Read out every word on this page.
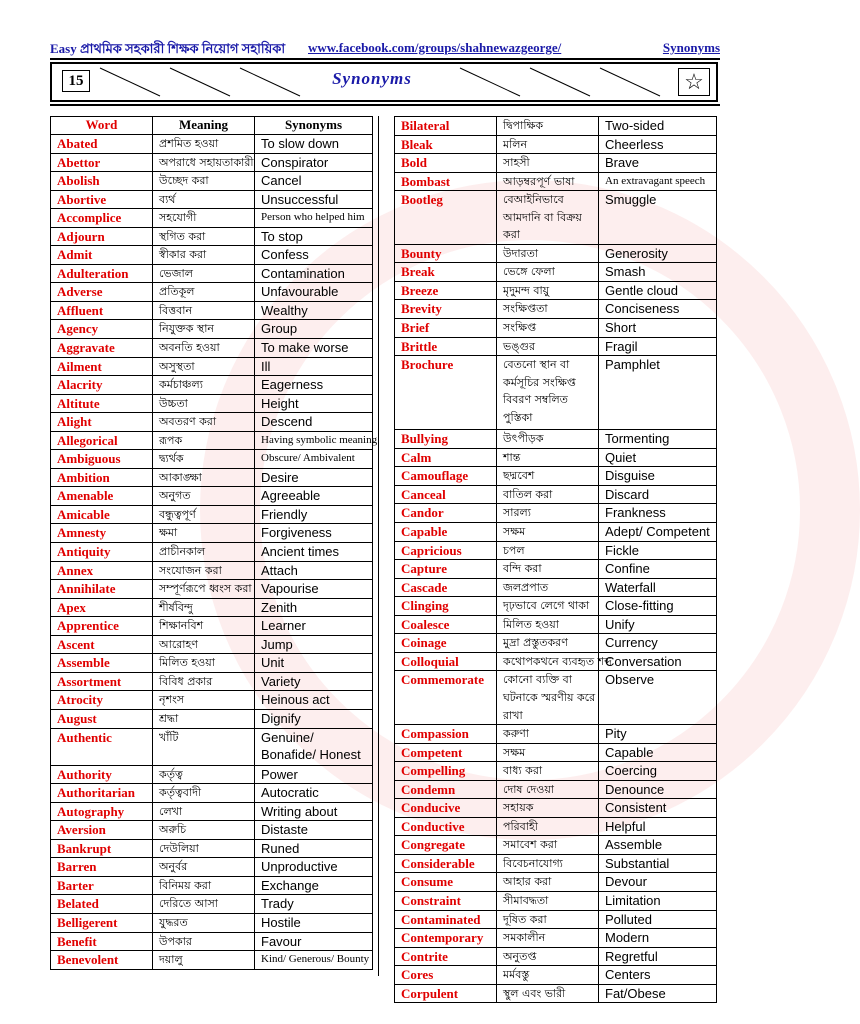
Easy প্রাথমিক সহকারী শিক্ষক নিয়োগ সহায়িকা www.facebook.com/groups/shahnewazgeorge/	Synonyms
15	Synonyms	☆
Word	Meaning	Synonyms
Abated	প্রশমিত হওয়া	To slow down
Abettor	অপরাধে সহায়তাকারী	Conspirator
Abolish	উচ্ছেদ করা	Cancel
Abortive	ব্যর্থ	Unsuccessful
Accomplice	সহযোগী	Person who helped him
Adjourn	স্থগিত করা	To stop
Admit	স্বীকার করা	Confess
Adulteration	ভেজাল	Contamination
Adverse	প্রতিকূল	Unfavourable
Affluent	বিত্তবান	Wealthy
Agency	নিযুক্তক স্থান	Group
Aggravate	অবনতি হওয়া	To make worse
Ailment	অসুস্থতা	Ill
Alacrity	কর্মচাঞ্চল্য	Eagerness
Altitute	উচ্চতা	Height
Alight	অবতরণ করা	Descend
Allegorical	রূপক	Having symbolic meaning
Ambiguous	দ্ব্যর্থক	Obscure/ Ambivalent
Ambition	আকাঙ্ক্ষা	Desire
Amenable	অনুগত	Agreeable
Amicable	বন্ধুত্বপূর্ণ	Friendly
Amnesty	ক্ষমা	Forgiveness
Antiquity	প্রাচীনকাল	Ancient times
Annex	সংযোজন করা	Attach
Annihilate	সম্পূর্ণরূপে ধ্বংস করা	Vapourise
Apex	শীর্ষবিন্দু	Zenith
Apprentice	শিক্ষানবিশ	Learner
Ascent	আরোহণ	Jump
Assemble	মিলিত হওয়া	Unit
Assortment	বিবিধ প্রকার	Variety
Atrocity	নৃশংস	Heinous act
August	শ্রদ্ধা	Dignify
Authentic	খাঁটি	Genuine/ Bonafide/ Honest
Authority	কর্তৃত্ব	Power
Authoritarian	কর্তৃত্ববাদী	Autocratic
Autography	লেখা	Writing about
Aversion	অরুচি	Distaste
Bankrupt	দেউলিয়া	Runed
Barren	অনুর্বর	Unproductive
Barter	বিনিময় করা	Exchange
Belated	দেরিতে আসা	Trady
Belligerent	যুদ্ধরত	Hostile
Benefit	উপকার	Favour
Benevolent	দয়ালু	Kind/ Generous/ Bounty
Bilateral	দ্বিপাক্ষিক	Two-sided
Bleak	মলিন	Cheerless
Bold	সাহসী	Brave
Bombast	আড়ম্বরপূর্ণ ভাষা	An extravagant speech
Bootleg	বেআইনিভাবে আমদানি বা বিক্রয় করা	Smuggle
Bounty	উদারতা	Generosity
Break	ভেঙ্গে ফেলা	Smash
Breeze	মৃদুমন্দ বায়ু	Gentle cloud
Brevity	সংক্ষিপ্ততা	Conciseness
Brief	সংক্ষিপ্ত	Short
Brittle	ভঙ্গুর	Fragil
Brochure	বেতনো স্থান বা কর্মসূচির সংক্ষিপ্ত বিবরণ সম্বলিত পুস্তিকা	Pamphlet
Bullying	উৎপীড়ক	Tormenting
Calm	শান্ত	Quiet
Camouflage	ছদ্মবেশ	Disguise
Canceal	বাতিল করা	Discard
Candor	সারল্য	Frankness
Capable	সক্ষম	Adept/ Competent
Capricious	চপল	Fickle
Capture	বন্দি করা	Confine
Cascade	জলপ্রপাত	Waterfall
Clinging	দৃঢ়ভাবে লেগে থাকা	Close-fitting
Coalesce	মিলিত হওয়া	Unify
Coinage	মুদ্রা প্রস্তুতকরণ	Currency
Colloquial	কথোপকথনে ব্যবহৃত শব্দ	Conversation
Commemorate	কোনো ব্যক্তি বা ঘটনাকে স্মরণীয় করে রাখা	Observe
Compassion	করুণা	Pity
Competent	সক্ষম	Capable
Compelling	বাধ্য করা	Coercing
Condemn	দোষ দেওয়া	Denounce
Conducive	সহায়ক	Consistent
Conductive	পরিবাহী	Helpful
Congregate	সমাবেশ করা	Assemble
Considerable	বিবেচনাযোগ্য	Substantial
Consume	আহার করা	Devour
Constraint	সীমাবদ্ধতা	Limitation
Contaminated	দূষিত করা	Polluted
Contemporary	সমকালীন	Modern
Contrite	অনুতপ্ত	Regretful
Cores	মর্মবস্তু	Centers
Corpulent	স্থুল এবং ভারী	Fat/Obese
